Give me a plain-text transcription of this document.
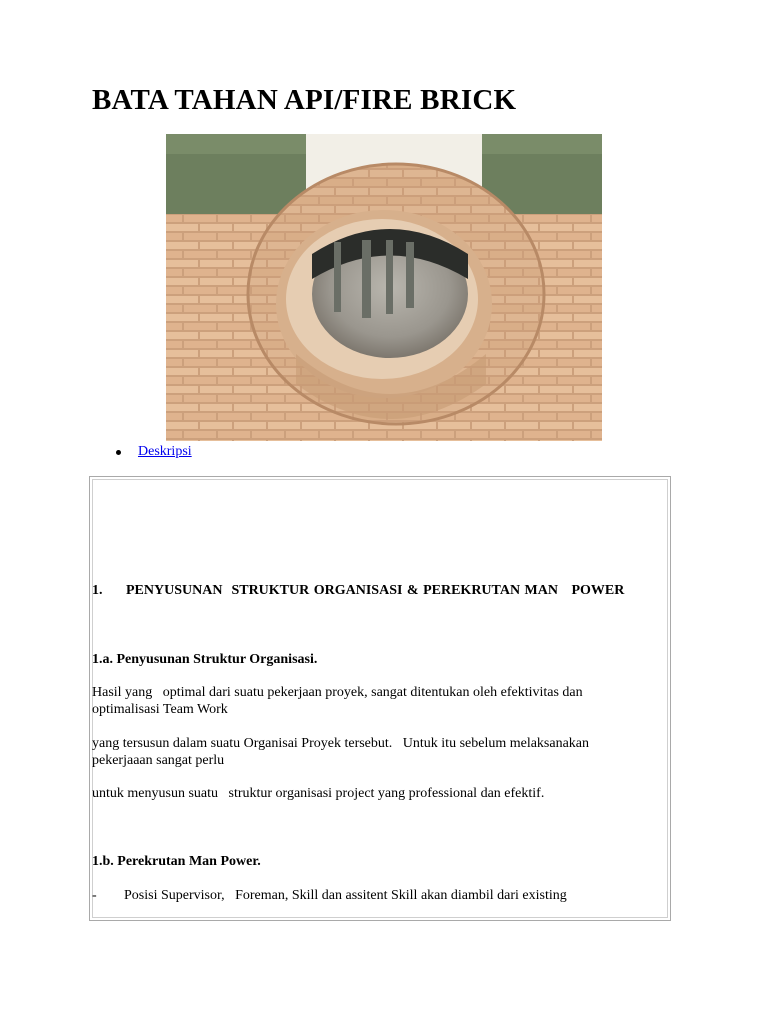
BATA TAHAN API/FIRE BRICK
Deskripsi

1. PENYUSUNAN  STRUKTUR ORGANISASI & PEREKRUTAN MAN   POWER

1.a. Penyusunan Struktur Organisasi.

Hasil yang   optimal dari suatu pekerjaan proyek, sangat ditentukan oleh efektivitas dan

optimalisasi Team Work

yang tersusun dalam suatu Organisai Proyek tersebut.   Untuk itu sebelum melaksanakan

pekerjaaan sangat perlu

untuk menyusun suatu   struktur organisasi project yang professional dan efektif.

1.b. Perekrutan Man Power.

- Posisi Supervisor,   Foreman, Skill dan assitent Skill akan diambil dari existing
